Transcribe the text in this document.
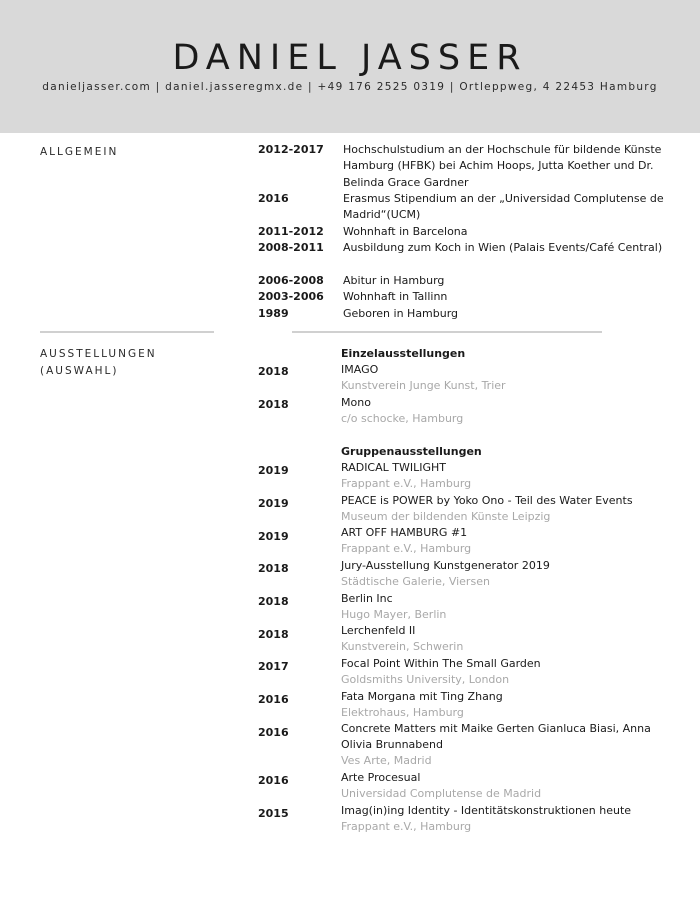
DANIEL JASSER
danieljasser.com | daniel.jasseregmx.de | +49 176 2525 0319 | Ortleppweg, 4 22453 Hamburg
ALLGEMEIN	2012-2017 Hochschulstudium an der Hochschule für bildende Künste Hamburg (HFBK) bei Achim Hoops, Jutta Koether und Dr. Belinda Grace Gardner
2016	Erasmus Stipendium an der „Universidad Complutense de Madrid“(UCM)
2011-2012 Wohnhaft in Barcelona
2008-2011 Ausbildung zum Koch in Wien (Palais Events/Café Central)
2006-2008 Abitur in Hamburg
2003-2006 Wohnhaft in Tallinn
1989	Geboren in Hamburg
AUSSTELLUNGEN
(AUSWAHL)
Einzelausstellungen
2018	IMAGO
Kunstverein Junge Kunst, Trier
2018	Mono
c/o schocke, Hamburg
Gruppenausstellungen
2019	RADICAL TWILIGHT
Frappant e.V., Hamburg
2019	PEACE is POWER by Yoko Ono - Teil des Water Events
Museum der bildenden Künste Leipzig
2019	ART OFF HAMBURG #1
Frappant e.V., Hamburg
2018	Jury-Ausstellung Kunstgenerator 2019
Städtische Galerie, Viersen
2018	Berlin Inc
Hugo Mayer, Berlin
2018	Lerchenfeld II
Kunstverein, Schwerin
2017	Focal Point Within The Small Garden
Goldsmiths University, London
2016	Fata Morgana mit Ting Zhang
Elektrohaus, Hamburg
2016	Concrete Matters mit Maike Gerten Gianluca Biasi, Anna Olivia Brunnabend
Ves Arte, Madrid
2016	Arte Procesual
Universidad Complutense de Madrid
2015	Imag(in)ing Identity - Identitätskonstruktionen heute
Frappant e.V., Hamburg
